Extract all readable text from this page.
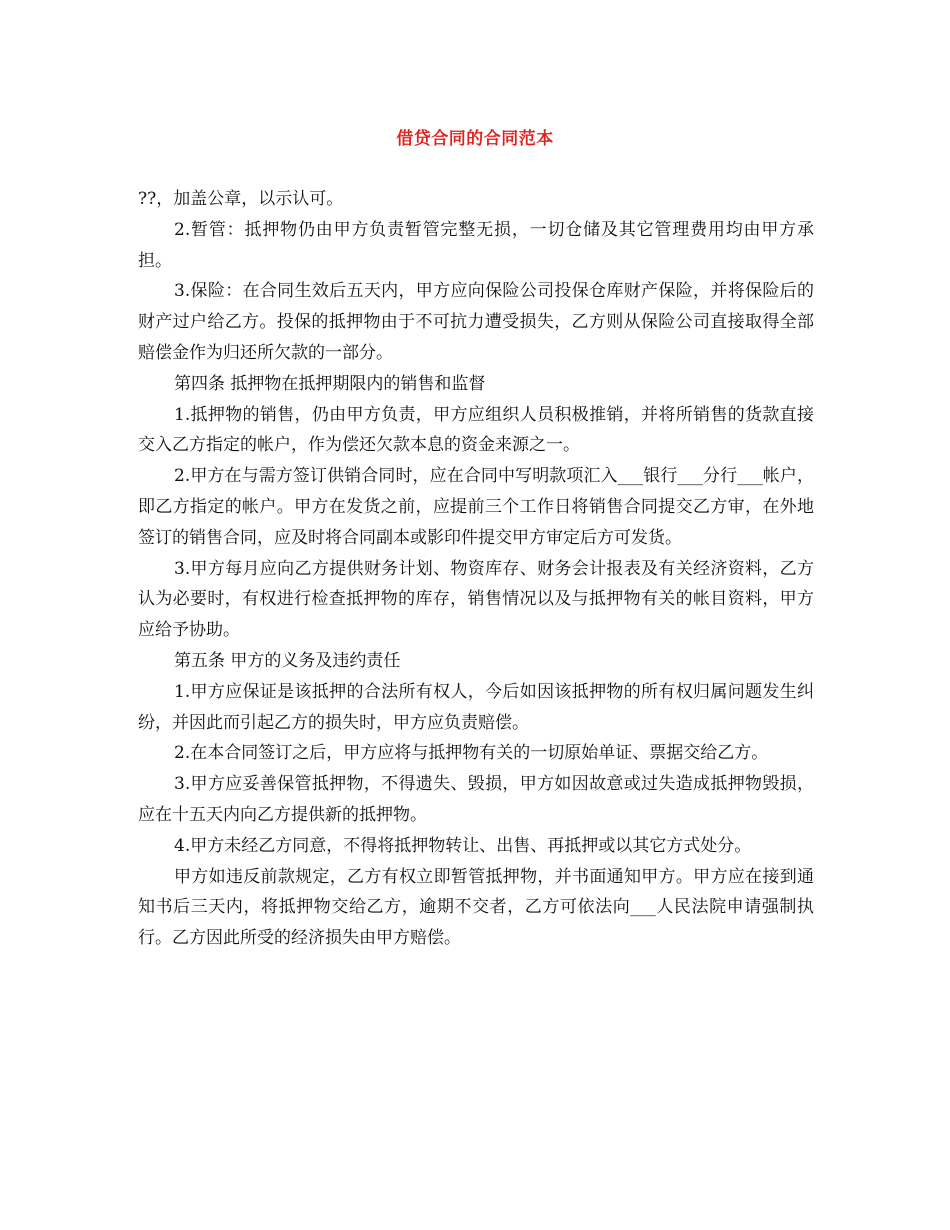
借贷合同的合同范本

??，加盖公章，以示认可。

2.暂管：抵押物仍由甲方负责暂管完整无损，一切仓储及其它管理费用均由甲方承担。

3.保险：在合同生效后五天内，甲方应向保险公司投保仓库财产保险，并将保险后的财产过户给乙方。投保的抵押物由于不可抗力遭受损失，乙方则从保险公司直接取得全部赔偿金作为归还所欠款的一部分。

第四条 抵押物在抵押期限内的销售和监督

1.抵押物的销售，仍由甲方负责，甲方应组织人员积极推销，并将所销售的货款直接交入乙方指定的帐户，作为偿还欠款本息的资金来源之一。

2.甲方在与需方签订供销合同时，应在合同中写明款项汇入___银行___分行___帐户，即乙方指定的帐户。甲方在发货之前，应提前三个工作日将销售合同提交乙方审，在外地签订的销售合同，应及时将合同副本或影印件提交甲方审定后方可发货。

3.甲方每月应向乙方提供财务计划、物资库存、财务会计报表及有关经济资料，乙方认为必要时，有权进行检查抵押物的库存，销售情况以及与抵押物有关的帐目资料，甲方应给予协助。

第五条 甲方的义务及违约责任

1.甲方应保证是该抵押的合法所有权人，今后如因该抵押物的所有权归属问题发生纠纷，并因此而引起乙方的损失时，甲方应负责赔偿。

2.在本合同签订之后，甲方应将与抵押物有关的一切原始单证、票据交给乙方。

3.甲方应妥善保管抵押物，不得遗失、毁损，甲方如因故意或过失造成抵押物毁损，应在十五天内向乙方提供新的抵押物。

4.甲方未经乙方同意，不得将抵押物转让、出售、再抵押或以其它方式处分。

甲方如违反前款规定，乙方有权立即暂管抵押物，并书面通知甲方。甲方应在接到通知书后三天内，将抵押物交给乙方，逾期不交者，乙方可依法向___人民法院申请强制执行。乙方因此所受的经济损失由甲方赔偿。
